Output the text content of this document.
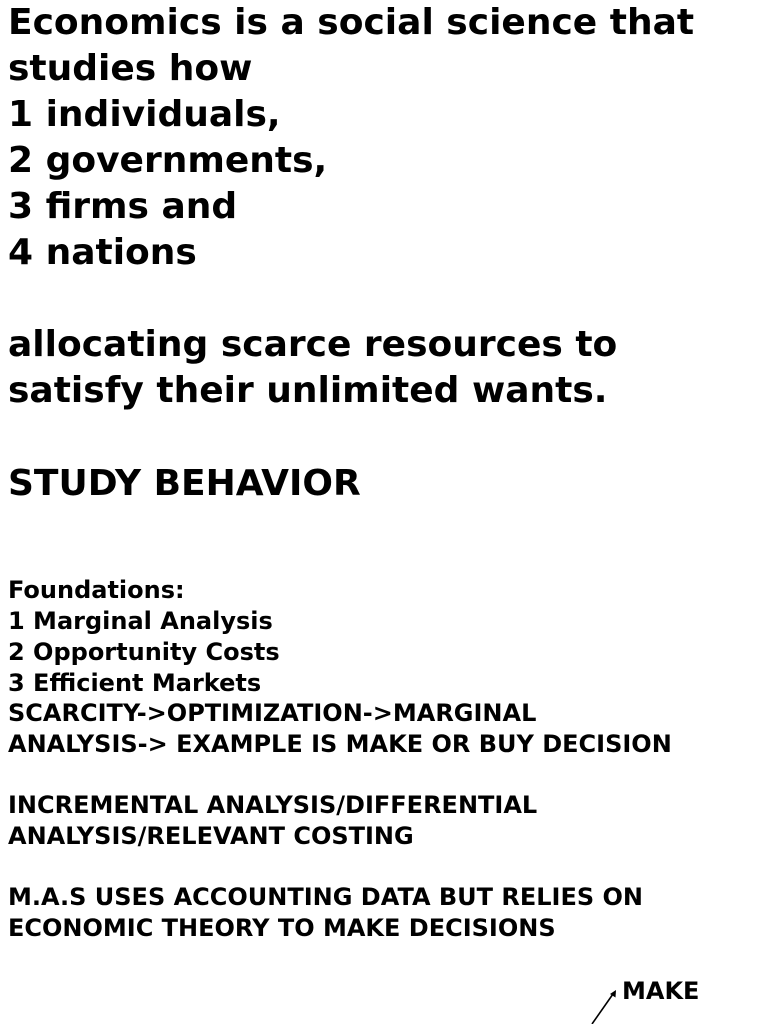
Economics is a social science that

studies how

1 individuals,

2 governments,

3 firms and

4 nations

allocating scarce resources to

satisfy their unlimited wants.

STUDY BEHAVIOR

Foundations:

1 Marginal Analysis

2 Opportunity Costs

3 Efficient Markets

SCARCITY->OPTIMIZATION->MARGINAL

ANALYSIS-> EXAMPLE IS MAKE OR BUY DECISION

INCREMENTAL ANALYSIS/DIFFERENTIAL

ANALYSIS/RELEVANT COSTING

M.A.S USES ACCOUNTING DATA BUT RELIES ON

ECONOMIC THEORY TO MAKE DECISIONS

MAKE
